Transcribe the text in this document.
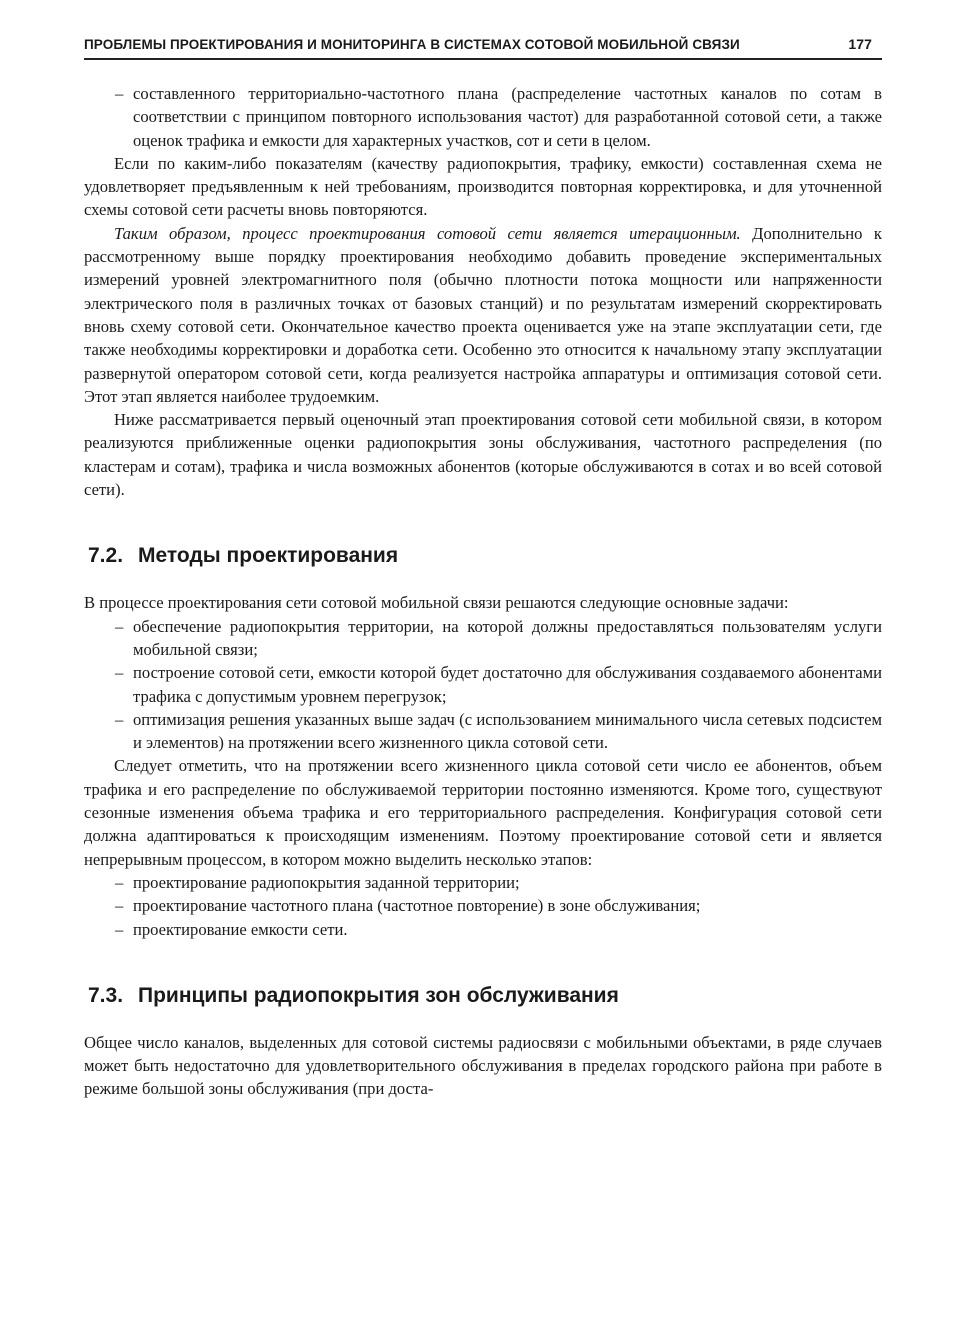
ПРОБЛЕМЫ ПРОЕКТИРОВАНИЯ И МОНИТОРИНГА В СИСТЕМАХ СОТОВОЙ МОБИЛЬНОЙ СВЯЗИ	177
– составленного территориально-частотного плана (распределение частотных каналов по сотам в соответствии с принципом повторного использования частот) для разработанной сотовой сети, а также оценок трафика и емкости для характерных участков, сот и сети в целом.

Если по каким-либо показателям (качеству радиопокрытия, трафику, емкости) составленная схема не удовлетворяет предъявленным к ней требованиям, производится повторная корректировка, и для уточненной схемы сотовой сети расчеты вновь повторяются.

Таким образом, процесс проектирования сотовой сети является итерационным. Дополнительно к рассмотренному выше порядку проектирования необходимо добавить проведение экспериментальных измерений уровней электромагнитного поля (обычно плотности потока мощности или напряженности электрического поля в различных точках от базовых станций) и по результатам измерений скорректировать вновь схему сотовой сети. Окончательное качество проекта оценивается уже на этапе эксплуатации сети, где также необходимы корректировки и доработка сети. Особенно это относится к начальному этапу эксплуатации развернутой оператором сотовой сети, когда реализуется настройка аппаратуры и оптимизация сотовой сети. Этот этап является наиболее трудоемким.

Ниже рассматривается первый оценочный этап проектирования сотовой сети мобильной связи, в котором реализуются приближенные оценки радиопокрытия зоны обслуживания, частотного распределения (по кластерам и сотам), трафика и числа возможных абонентов (которые обслуживаются в сотах и во всей сотовой сети).

7.2. Методы проектирования

В процессе проектирования сети сотовой мобильной связи решаются следующие основные задачи:

– обеспечение радиопокрытия территории, на которой должны предоставляться пользователям услуги мобильной связи;
– построение сотовой сети, емкости которой будет достаточно для обслуживания создаваемого абонентами трафика с допустимым уровнем перегрузок;
– оптимизация решения указанных выше задач (с использованием минимального числа сетевых подсистем и элементов) на протяжении всего жизненного цикла сотовой сети.

Следует отметить, что на протяжении всего жизненного цикла сотовой сети число ее абонентов, объем трафика и его распределение по обслуживаемой территории постоянно изменяются. Кроме того, существуют сезонные изменения объема трафика и его территориального распределения. Конфигурация сотовой сети должна адаптироваться к происходящим изменениям. Поэтому проектирование сотовой сети и является непрерывным процессом, в котором можно выделить несколько этапов:

– проектирование радиопокрытия заданной территории;
– проектирование частотного плана (частотное повторение) в зоне обслуживания;
– проектирование емкости сети.
7.3. Принципы радиопокрытия зон обслуживания

Общее число каналов, выделенных для сотовой системы радиосвязи с мобильными объектами, в ряде случаев может быть недостаточно для удовлетворительного обслуживания в пределах городского района при работе в режиме большой зоны обслуживания (при доста-
